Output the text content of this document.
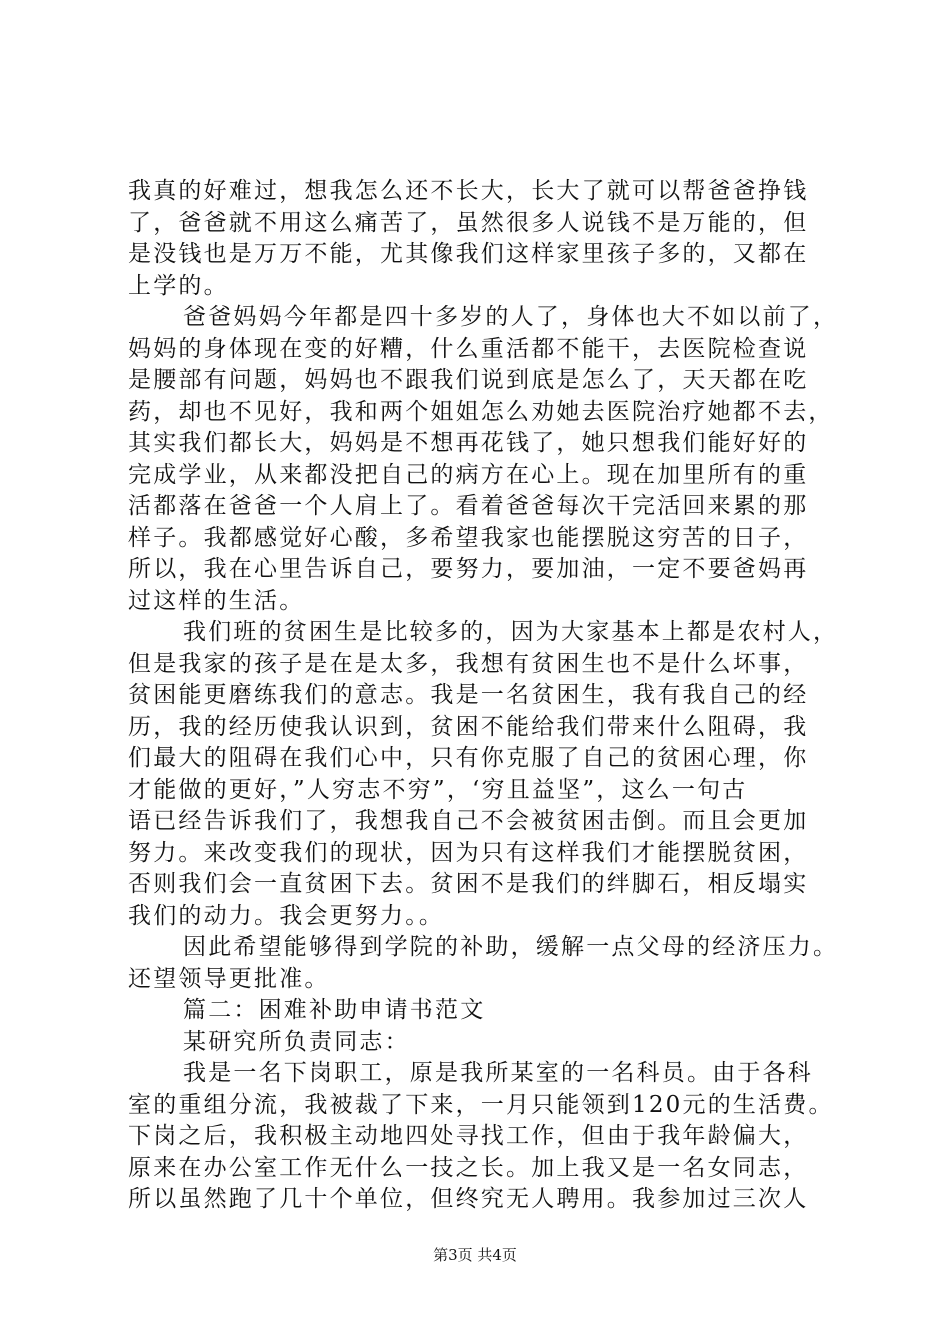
我真的好难过，想我怎么还不长大，长大了就可以帮爸爸挣钱
了，爸爸就不用这么痛苦了，虽然很多人说钱不是万能的，但
是没钱也是万万不能，尤其像我们这样家里孩子多的，又都在
上学的。
爸爸妈妈今年都是四十多岁的人了，身体也大不如以前了，
妈妈的身体现在变的好糟，什么重活都不能干，去医院检查说
是腰部有问题，妈妈也不跟我们说到底是怎么了，天天都在吃
药，却也不见好，我和两个姐姐怎么劝她去医院治疗她都不去，
其实我们都长大，妈妈是不想再花钱了，她只想我们能好好的
完成学业，从来都没把自己的病方在心上。现在加里所有的重
活都落在爸爸一个人肩上了。看着爸爸每次干完活回来累的那
样子。我都感觉好心酸，多希望我家也能摆脱这穷苦的日子，
所以，我在心里告诉自己，要努力，要加油，一定不要爸妈再
过这样的生活。
我们班的贫困生是比较多的，因为大家基本上都是农村人，
但是我家的孩子是在是太多，我想有贫困生也不是什么坏事，
贫困能更磨练我们的意志。我是一名贫困生，我有我自己的经
历，我的经历使我认识到，贫困不能给我们带来什么阻碍，我
们最大的阻碍在我们心中，只有你克服了自己的贫困心理，你
才能做的更好，”人穷志不穷”，‘穷且益坚”，这么一句古
语已经告诉我们了，我想我自己不会被贫困击倒。而且会更加
努力。来改变我们的现状，因为只有这样我们才能摆脱贫困，
否则我们会一直贫困下去。贫困不是我们的绊脚石，相反塌实
我们的动力。我会更努力。。
因此希望能够得到学院的补助，缓解一点父母的经济压力。
还望领导更批准。
篇二：困难补助申请书范文
某研究所负责同志：
我是一名下岗职工，原是我所某室的一名科员。由于各科
室的重组分流，我被裁了下来，一月只能领到120元的生活费。
下岗之后，我积极主动地四处寻找工作，但由于我年龄偏大，
原来在办公室工作无什么一技之长。加上我又是一名女同志，
所以虽然跑了几十个单位，但终究无人聘用。我参加过三次人
第3页 共4页
